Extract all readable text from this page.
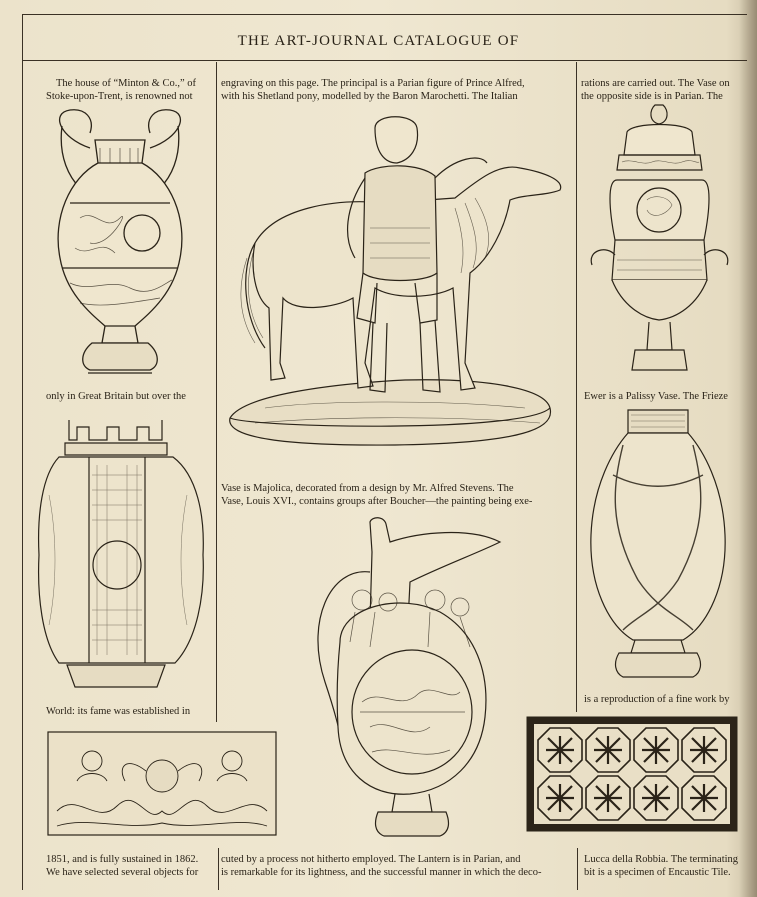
THE ART-JOURNAL CATALOGUE OF
The house of “Minton & Co.,” of
Stoke-upon-Trent, is renowned not
only in Great Britain but over the
World: its fame was established in
1851, and is fully sustained in 1862.
We have selected several objects for
engraving on this page. The principal is a Parian figure of Prince Alfred,
with his Shetland pony, modelled by the Baron Marochetti. The Italian
Vase is Majolica, decorated from a design by Mr. Alfred Stevens. The
Vase, Louis XVI., contains groups after Boucher—the painting being exe-
cuted by a process not hitherto employed. The Lantern is in Parian, and
is remarkable for its lightness, and the successful manner in which the deco-
rations are carried out. The Vase on
the opposite side is in Parian. The
Ewer is a Palissy Vase. The Frieze
is a reproduction of a fine work by
Lucca della Robbia. The terminating
bit is a specimen of Encaustic Tile.
